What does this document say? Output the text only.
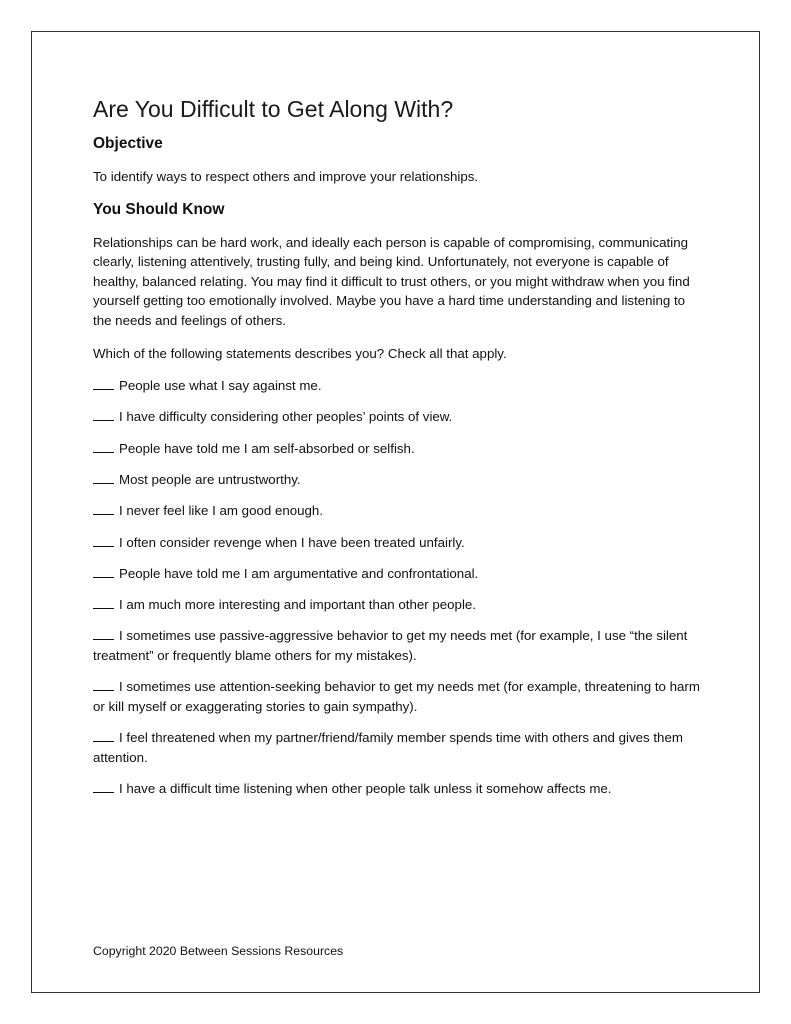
Are You Difficult to Get Along With?
Objective

To identify ways to respect others and improve your relationships.

You Should Know

Relationships can be hard work, and ideally each person is capable of compromising, communicating clearly, listening attentively, trusting fully, and being kind. Unfortunately, not everyone is capable of healthy, balanced relating. You may find it difficult to trust others, or you might withdraw when you find yourself getting too emotionally involved. Maybe you have a hard time understanding and listening to the needs and feelings of others.

Which of the following statements describes you? Check all that apply.

People use what I say against me.
I have difficulty considering other peoples’ points of view.
People have told me I am self-absorbed or selfish.
Most people are untrustworthy.
I never feel like I am good enough.
I often consider revenge when I have been treated unfairly.
People have told me I am argumentative and confrontational.
I am much more interesting and important than other people.
I sometimes use passive-aggressive behavior to get my needs met (for example, I use “the silent treatment” or frequently blame others for my mistakes).
I sometimes use attention-seeking behavior to get my needs met (for example, threatening to harm or kill myself or exaggerating stories to gain sympathy).
I feel threatened when my partner/friend/family member spends time with others and gives them attention.
I have a difficult time listening when other people talk unless it somehow affects me.
Copyright 2020 Between Sessions Resources
